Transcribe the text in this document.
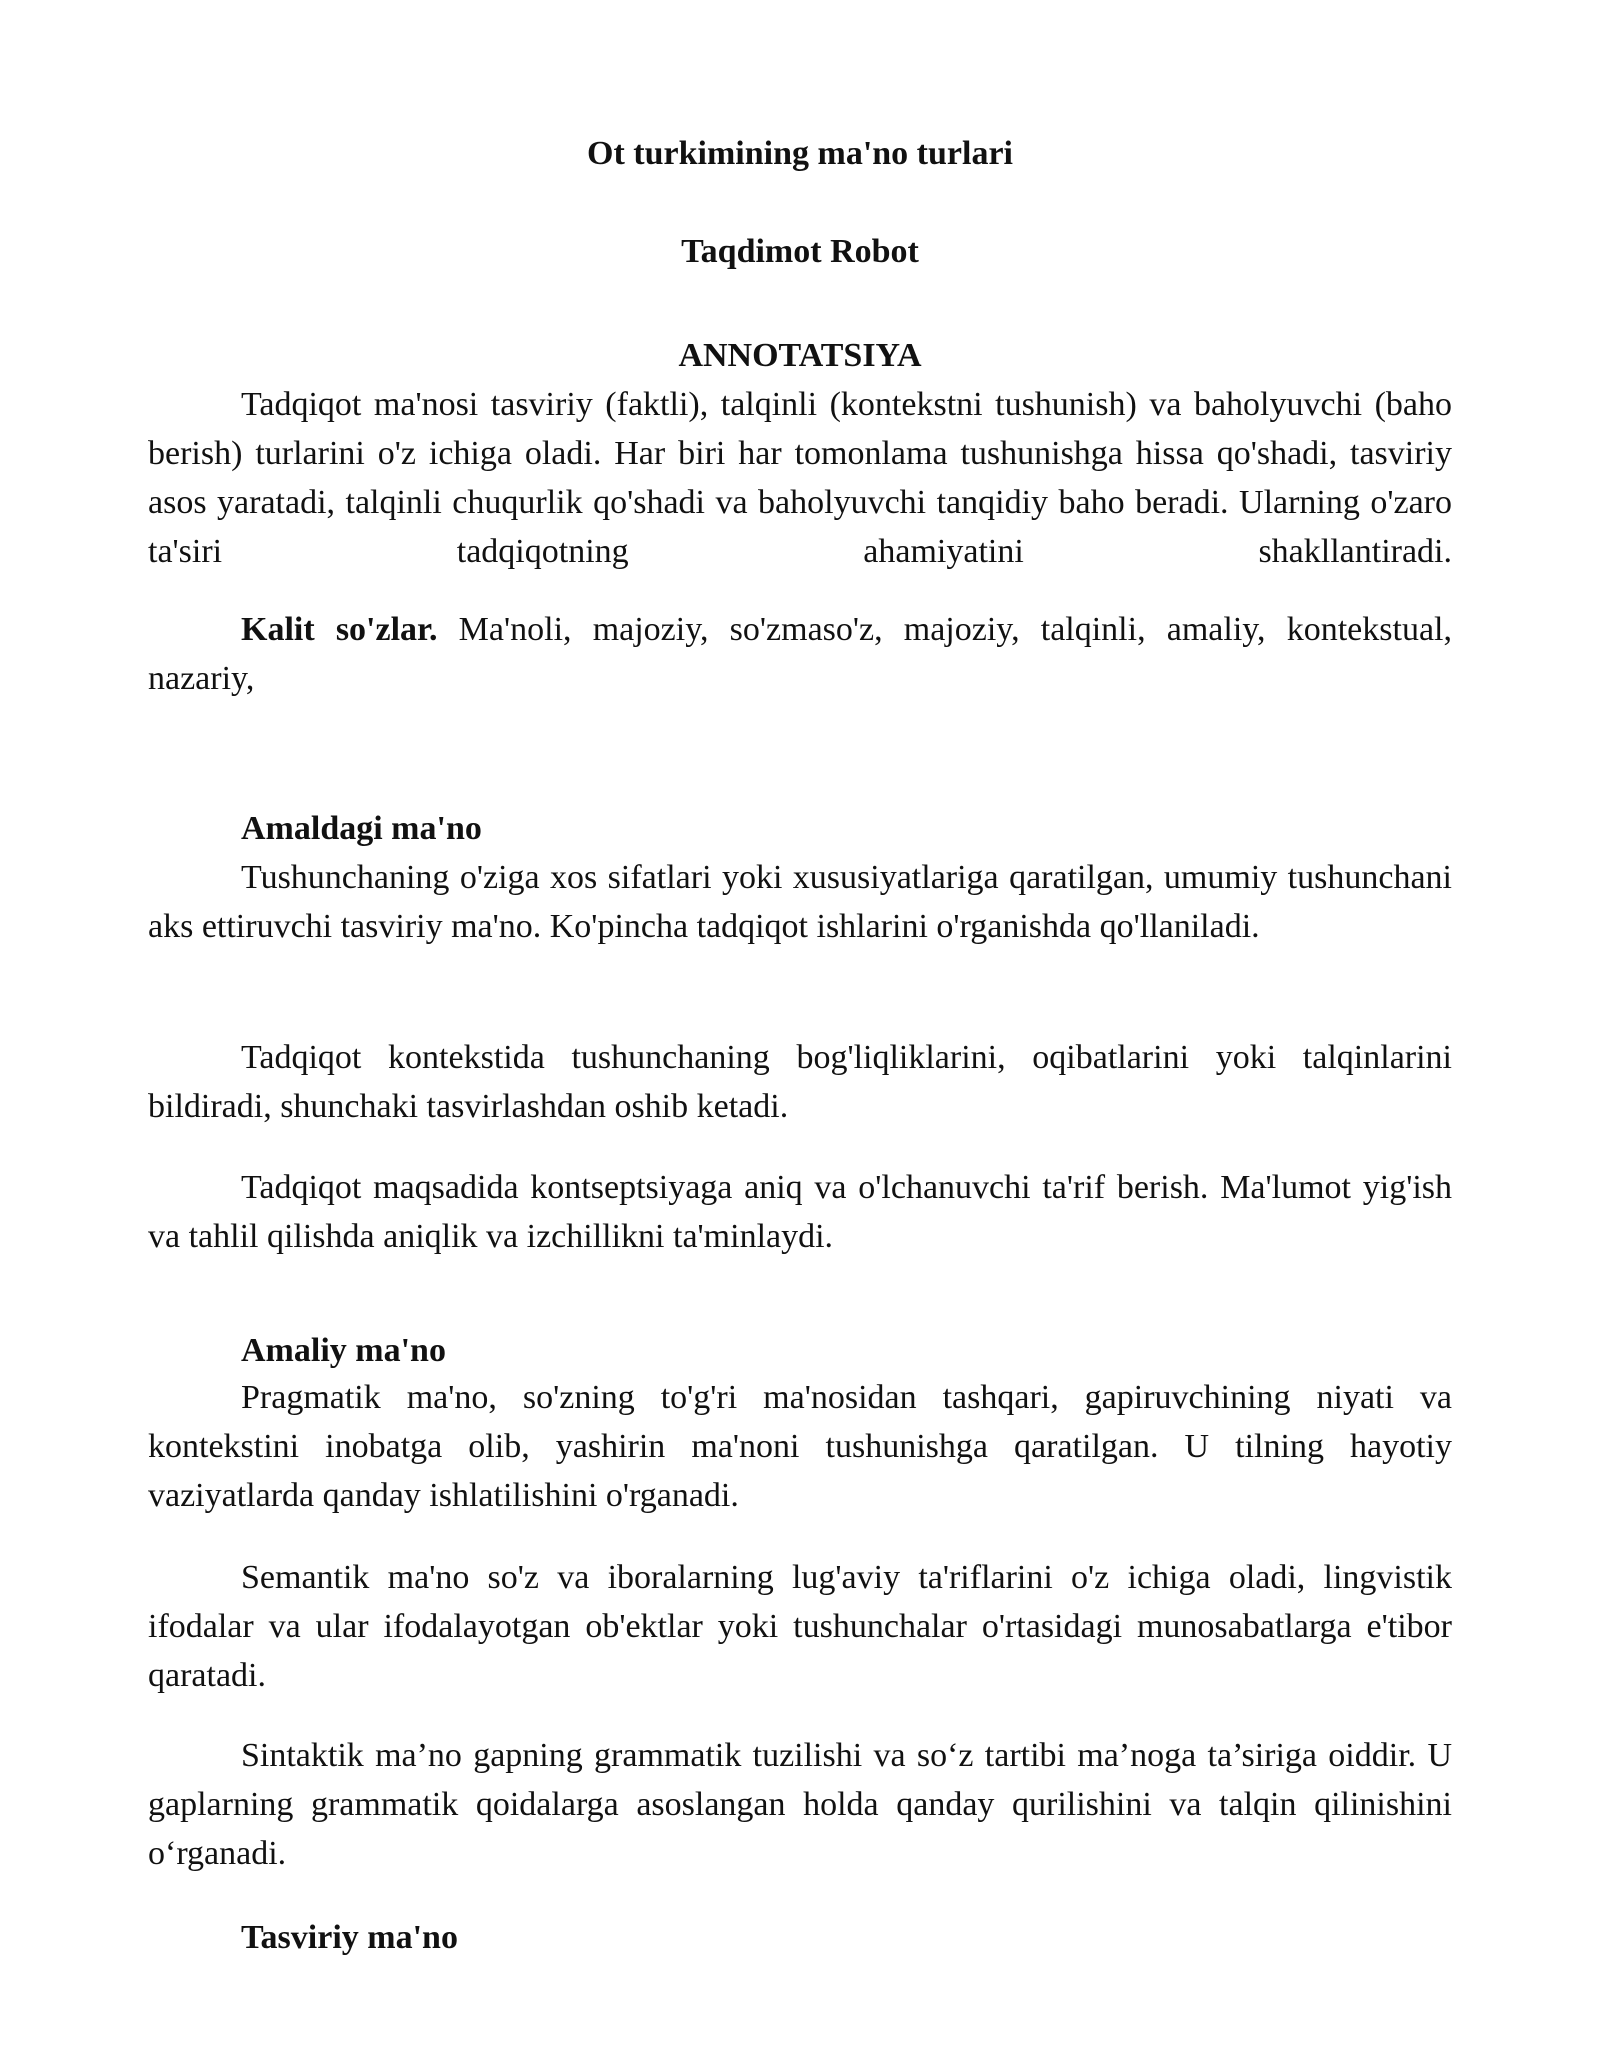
Ot turkimining ma'no turlari
Taqdimot Robot
ANNOTATSIYA

Tadqiqot ma'nosi tasviriy (faktli), talqinli (kontekstni tushunish) va baholyuvchi (baho berish) turlarini o'z ichiga oladi. Har biri har tomonlama tushunishga hissa qo'shadi, tasviriy asos yaratadi, talqinli chuqurlik qo'shadi va baholyuvchi tanqidiy baho beradi. Ularning o'zaro ta'siri tadqiqotning ahamiyatini shakllantiradi.

Kalit so'zlar. Ma'noli, majoziy, so'zmaso'z, majoziy, talqinli, amaliy, kontekstual, nazariy,

Amaldagi ma'no

Tushunchaning o'ziga xos sifatlari yoki xususiyatlariga qaratilgan, umumiy tushunchani aks ettiruvchi tasviriy ma'no. Ko'pincha tadqiqot ishlarini o'rganishda qo'llaniladi.

Tadqiqot kontekstida tushunchaning bog'liqliklarini, oqibatlarini yoki talqinlarini bildiradi, shunchaki tasvirlashdan oshib ketadi.

Tadqiqot maqsadida kontseptsiyaga aniq va o'lchanuvchi ta'rif berish. Ma'lumot yig'ish va tahlil qilishda aniqlik va izchillikni ta'minlaydi.

Amaliy ma'no

Pragmatik ma'no, so'zning to'g'ri ma'nosidan tashqari, gapiruvchining niyati va kontekstini inobatga olib, yashirin ma'noni tushunishga qaratilgan. U tilning hayotiy vaziyatlarda qanday ishlatilishini o'rganadi.

Semantik ma'no so'z va iboralarning lug'aviy ta'riflarini o'z ichiga oladi, lingvistik ifodalar va ular ifodalayotgan ob'ektlar yoki tushunchalar o'rtasidagi munosabatlarga e'tibor qaratadi.

Sintaktik ma’no gapning grammatik tuzilishi va so‘z tartibi ma’noga ta’siriga oiddir. U gaplarning grammatik qoidalarga asoslangan holda qanday qurilishini va talqin qilinishini o‘rganadi.

Tasviriy ma'no
